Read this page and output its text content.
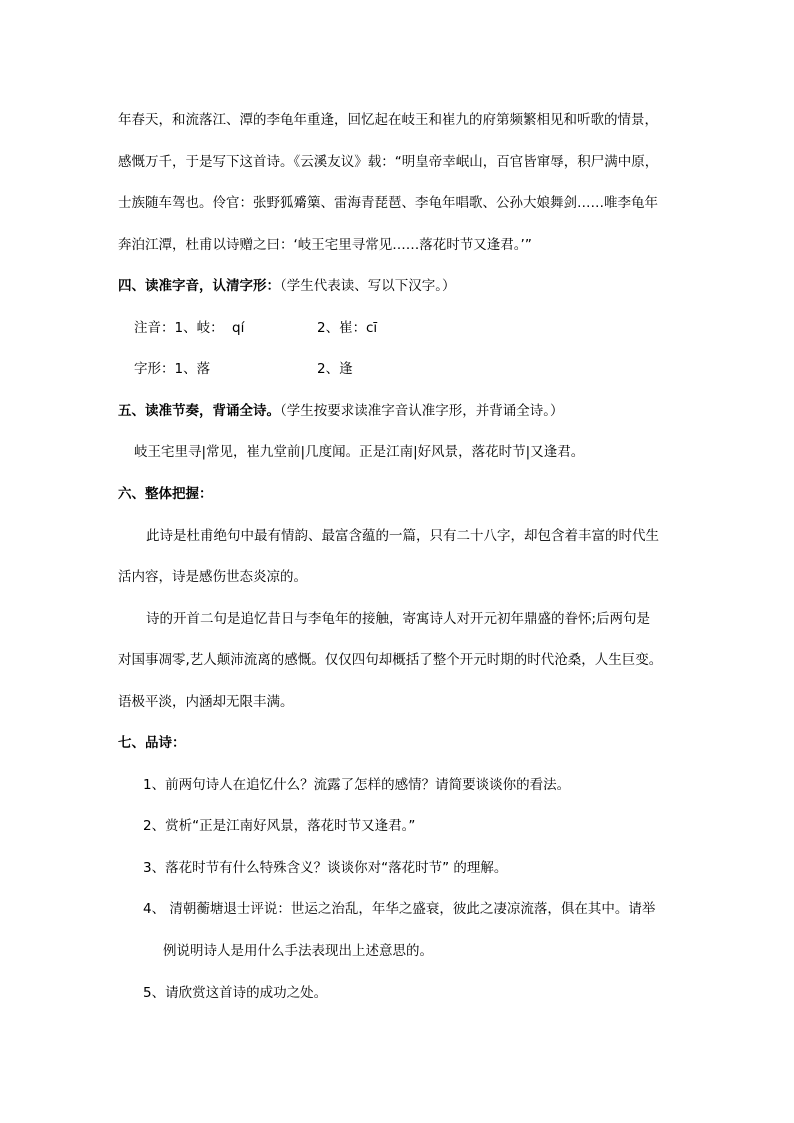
年春天，和流落江、潭的李龟年重逢，回忆起在岐王和崔九的府第频繁相见和听歌的情景，
感慨万千，于是写下这首诗。《云溪友议》载：“明皇帝幸岷山，百官皆窜辱，积尸满中原，
士族随车驾也。伶官：张野狐觱篥、雷海青琵琶、李龟年唱歌、公孙大娘舞剑……唯李龟年
奔泊江潭，杜甫以诗赠之曰：‘岐王宅里寻常见……落花时节又逢君。’”
四、读准字音，认清字形：（学生代表读、写以下汉字。）
注音：1、岐： qí	2、崔： cī
字形：1、落	2、逢
五、读准节奏，背诵全诗。（学生按要求读准字音认准字形，并背诵全诗。）
岐王宅里寻|常见，崔九堂前|几度闻。正是江南|好风景，落花时节|又逢君。
六、整体把握：
此诗是杜甫绝句中最有情韵、最富含蕴的一篇，只有二十八字，却包含着丰富的时代生
活内容，诗是感伤世态炎凉的。
诗的开首二句是追忆昔日与李龟年的接触，寄寓诗人对开元初年鼎盛的眷怀;后两句是
对国事凋零,艺人颠沛流离的感慨。仅仅四句却概括了整个开元时期的时代沧桑，人生巨变。
语极平淡，内涵却无限丰满。
七、品诗：
1、前两句诗人在追忆什么？流露了怎样的感情？请简要谈谈你的看法。
2、赏析“正是江南好风景，落花时节又逢君。”
3、落花时节有什么特殊含义？谈谈你对“落花时节” 的理解。
4、 清朝蘅塘退士评说：世运之治乱，年华之盛衰，彼此之凄凉流落，俱在其中。请举
例说明诗人是用什么手法表现出上述意思的。
5、请欣赏这首诗的成功之处。
